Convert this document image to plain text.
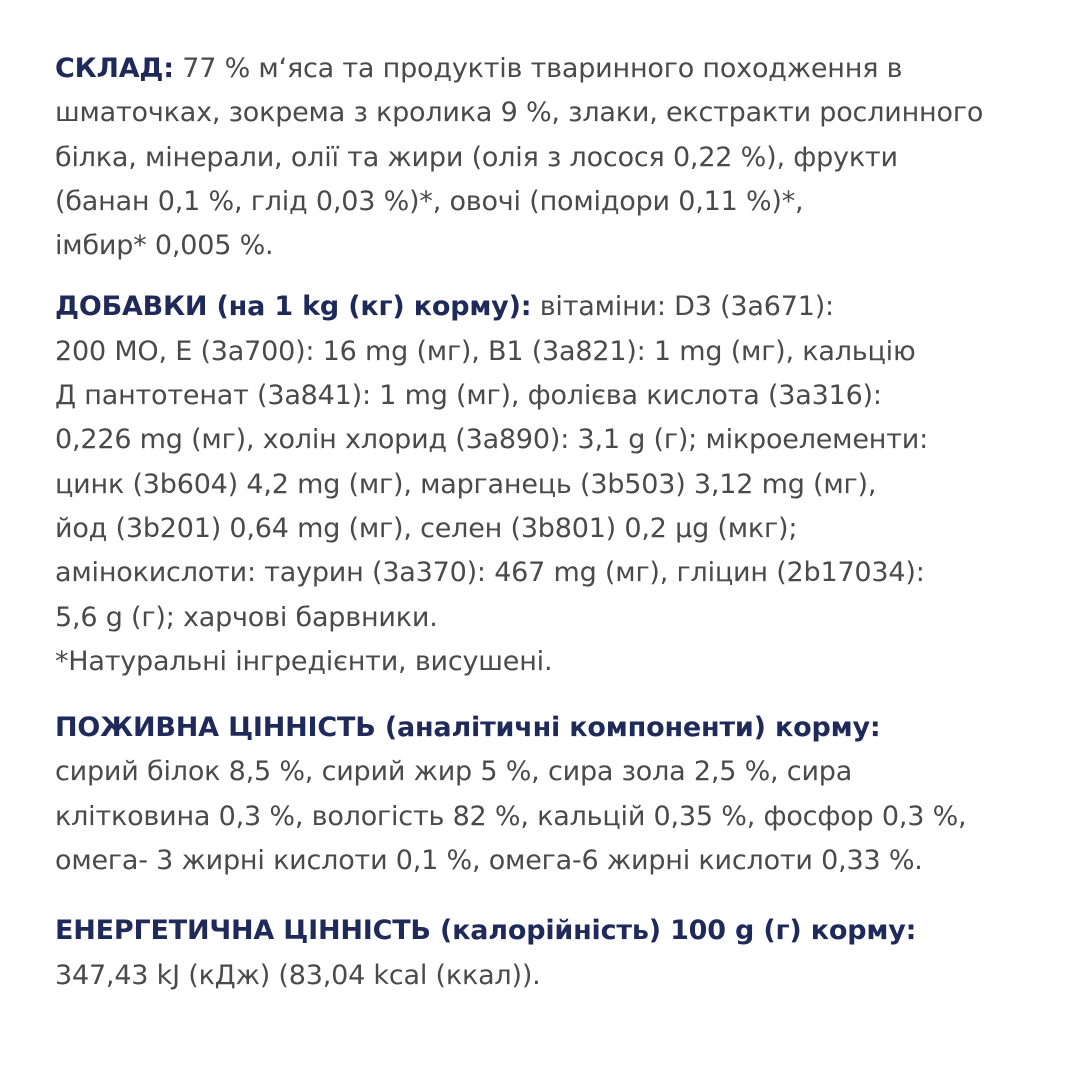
СКЛАД: 77 % м‘яса та продуктів тваринного походження в
шматочках, зокрема з кролика 9 %, злаки, екстракти рослинного
білка, мінерали, олії та жири (олія з лосося 0,22 %), фрукти
(банан 0,1 %, глід 0,03 %)*, овочі (помідори 0,11 %)*,
імбир* 0,005 %.
ДОБАВКИ (на 1 kg (кг) корму): вітаміни: D3 (3a671):
200 МО, Е (3a700): 16 mg (мг), В1 (3a821): 1 mg (мг), кальцію
Д пантотенат (3a841): 1 mg (мг), фолієва кислота (3a316):
0,226 mg (мг), холін хлорид (3a890): 3,1 g (г); мікроелементи:
цинк (3b604) 4,2 mg (мг), марганець (3b503) 3,12 mg (мг),
йод (3b201) 0,64 mg (мг), селен (3b801) 0,2 µg (мкг);
амінокислоти: таурин (3a370): 467 mg (мг), гліцин (2b17034):
5,6 g (г); харчові барвники.
*Натуральні інгредієнти, висушені.
ПОЖИВНА ЦІННІСТЬ (аналітичні компоненти) корму:
сирий білок 8,5 %, сирий жир 5 %, сира зола 2,5 %, сира
клітковина 0,3 %, вологість 82 %, кальцій 0,35 %, фосфор 0,3 %,
омега- 3 жирні кислоти 0,1 %, омега-6 жирні кислоти 0,33 %.
ЕНЕРГЕТИЧНА ЦІННІСТЬ (калорійність) 100 g (г) корму:
347,43 kJ (кДж) (83,04 kcal (ккал)).
